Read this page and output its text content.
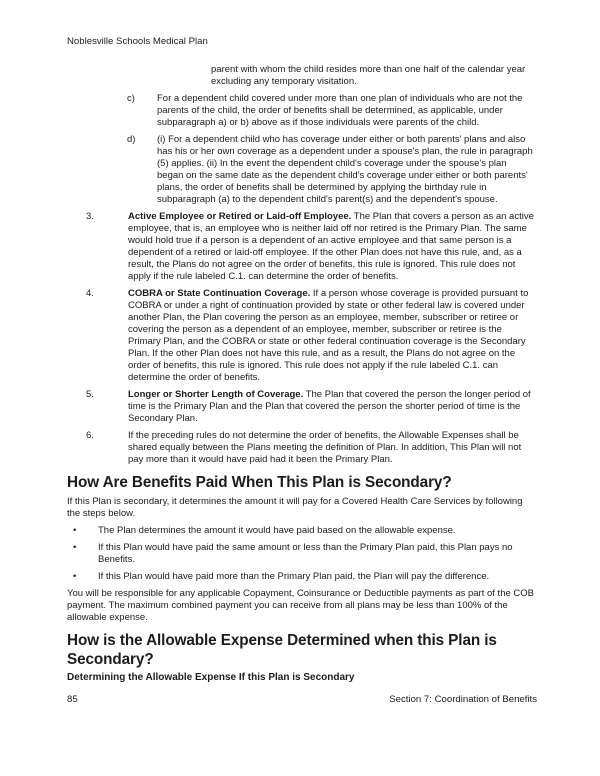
Noblesville Schools Medical Plan
parent with whom the child resides more than one half of the calendar year excluding any temporary visitation.
c) For a dependent child covered under more than one plan of individuals who are not the parents of the child, the order of benefits shall be determined, as applicable, under subparagraph a) or b) above as if those individuals were parents of the child.
d) (i) For a dependent child who has coverage under either or both parents' plans and also has his or her own coverage as a dependent under a spouse's plan, the rule in paragraph (5) applies. (ii) In the event the dependent child's coverage under the spouse's plan began on the same date as the dependent child's coverage under either or both parents' plans, the order of benefits shall be determined by applying the birthday rule in subparagraph (a) to the dependent child's parent(s) and the dependent's spouse.
3.	Active Employee or Retired or Laid-off Employee. The Plan that covers a person as an active employee, that is, an employee who is neither laid off nor retired is the Primary Plan. The same would hold true if a person is a dependent of an active employee and that same person is a dependent of a retired or laid-off employee. If the other Plan does not have this rule, and, as a result, the Plans do not agree on the order of benefits, this rule is ignored. This rule does not apply if the rule labeled C.1. can determine the order of benefits.
4.	COBRA or State Continuation Coverage. If a person whose coverage is provided pursuant to COBRA or under a right of continuation provided by state or other federal law is covered under another Plan, the Plan covering the person as an employee, member, subscriber or retiree or covering the person as a dependent of an employee, member, subscriber or retiree is the Primary Plan, and the COBRA or state or other federal continuation coverage is the Secondary Plan. If the other Plan does not have this rule, and as a result, the Plans do not agree on the order of benefits, this rule is ignored. This rule does not apply if the rule labeled C.1. can determine the order of benefits.
5.	Longer or Shorter Length of Coverage. The Plan that covered the person the longer period of time is the Primary Plan and the Plan that covered the person the shorter period of time is the Secondary Plan.
6.	If the preceding rules do not determine the order of benefits, the Allowable Expenses shall be shared equally between the Plans meeting the definition of Plan. In addition, This Plan will not pay more than it would have paid had it been the Primary Plan.
How Are Benefits Paid When This Plan is Secondary?
If this Plan is secondary, it determines the amount it will pay for a Covered Health Care Services by following the steps below.
• The Plan determines the amount it would have paid based on the allowable expense.
• If this Plan would have paid the same amount or less than the Primary Plan paid, this Plan pays no Benefits.
• If this Plan would have paid more than the Primary Plan paid, the Plan will pay the difference.
You will be responsible for any applicable Copayment, Coinsurance or Deductible payments as part of the COB payment. The maximum combined payment you can receive from all plans may be less than 100% of the allowable expense.
How is the Allowable Expense Determined when this Plan is Secondary?
Determining the Allowable Expense If this Plan is Secondary
85	Section 7: Coordination of Benefits
